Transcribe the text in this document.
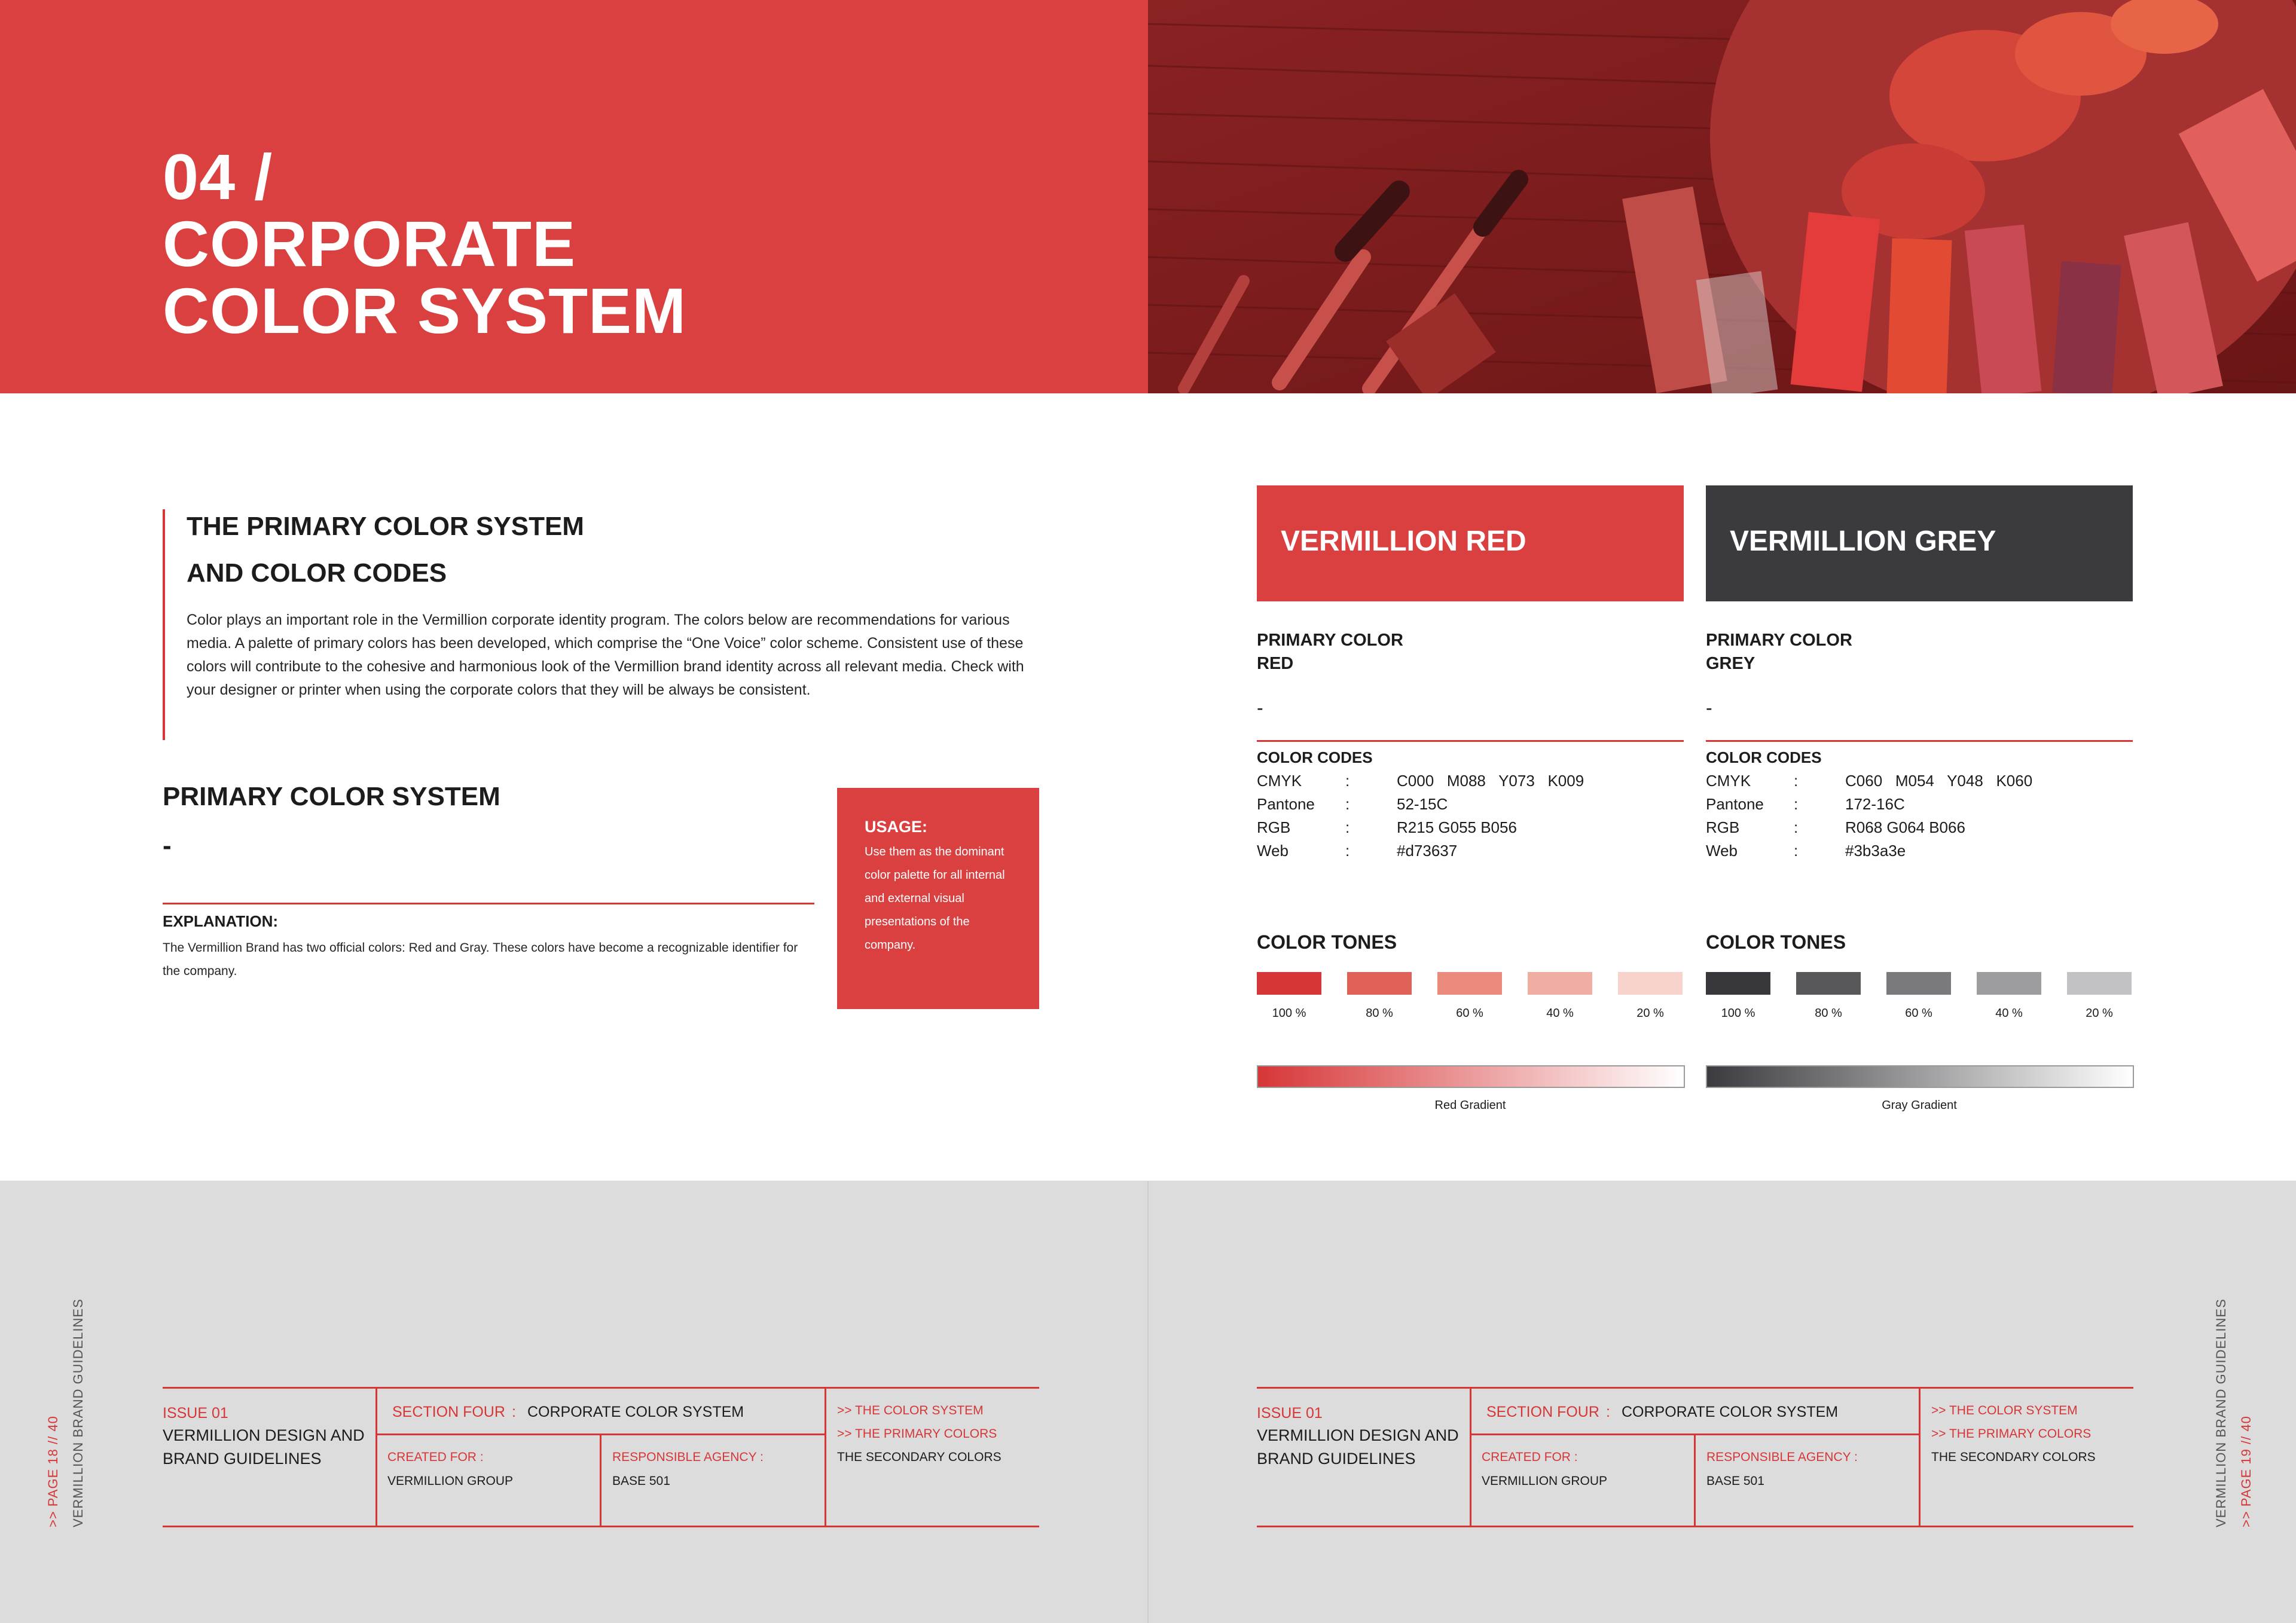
04 /
CORPORATE
COLOR SYSTEM
THE PRIMARY COLOR SYSTEM
AND COLOR CODES
Color plays an important role in the Vermillion corporate identity program. The colors below are recommendations for various media. A palette of primary colors has been developed, which comprise the “One Voice” color scheme. Consistent use of these colors will contribute to the cohesive and harmonious look of the Vermillion brand identity across all relevant media. Check with your designer or printer when using the corporate colors that they will be always be consistent.
PRIMARY COLOR SYSTEM
-
EXPLANATION:
The Vermillion Brand has two official colors: Red and Gray. These colors have become a recognizable identifier for the company.
USAGE:
Use them as the dominant color palette for all internal and external visual presentations of the company.
VERMILLION RED
PRIMARY COLOR
RED
-
COLOR CODES
CMYK	:	C000   M088   Y073   K009
Pantone :	52-15C
RGB	:	R215 G055 B056
Web	:	#d73637
COLOR TONES
100 %	80 %	60 %	40 %	20 %
Red Gradient
VERMILLION GREY
PRIMARY COLOR
GREY
-
COLOR CODES
CMYK	:	C060   M054   Y048   K060
Pantone :	172-16C
RGB	:	R068 G064 B066
Web	:	#3b3a3e
COLOR TONES
100 %	80 %	60 %	40 %	20 %
Gray Gradient
ISSUE 01
VERMILLION DESIGN AND
BRAND GUIDELINES
SECTION FOUR : CORPORATE COLOR SYSTEM
CREATED FOR :
VERMILLION GROUP
RESPONSIBLE AGENCY :
BASE 501
>> THE COLOR SYSTEM
>> THE PRIMARY COLORS
THE SECONDARY COLORS
>> PAGE 18 // 40 VERMILLION BRAND GUIDELINES	ISSUE 01
VERMILLION DESIGN AND
BRAND GUIDELINES
SECTION FOUR : CORPORATE COLOR SYSTEM
CREATED FOR :
VERMILLION GROUP
RESPONSIBLE AGENCY :
BASE 501
>> THE COLOR SYSTEM
>> THE PRIMARY COLORS
THE SECONDARY COLORS	VERMILLION BRAND GUIDELINES >> PAGE 19 // 40
